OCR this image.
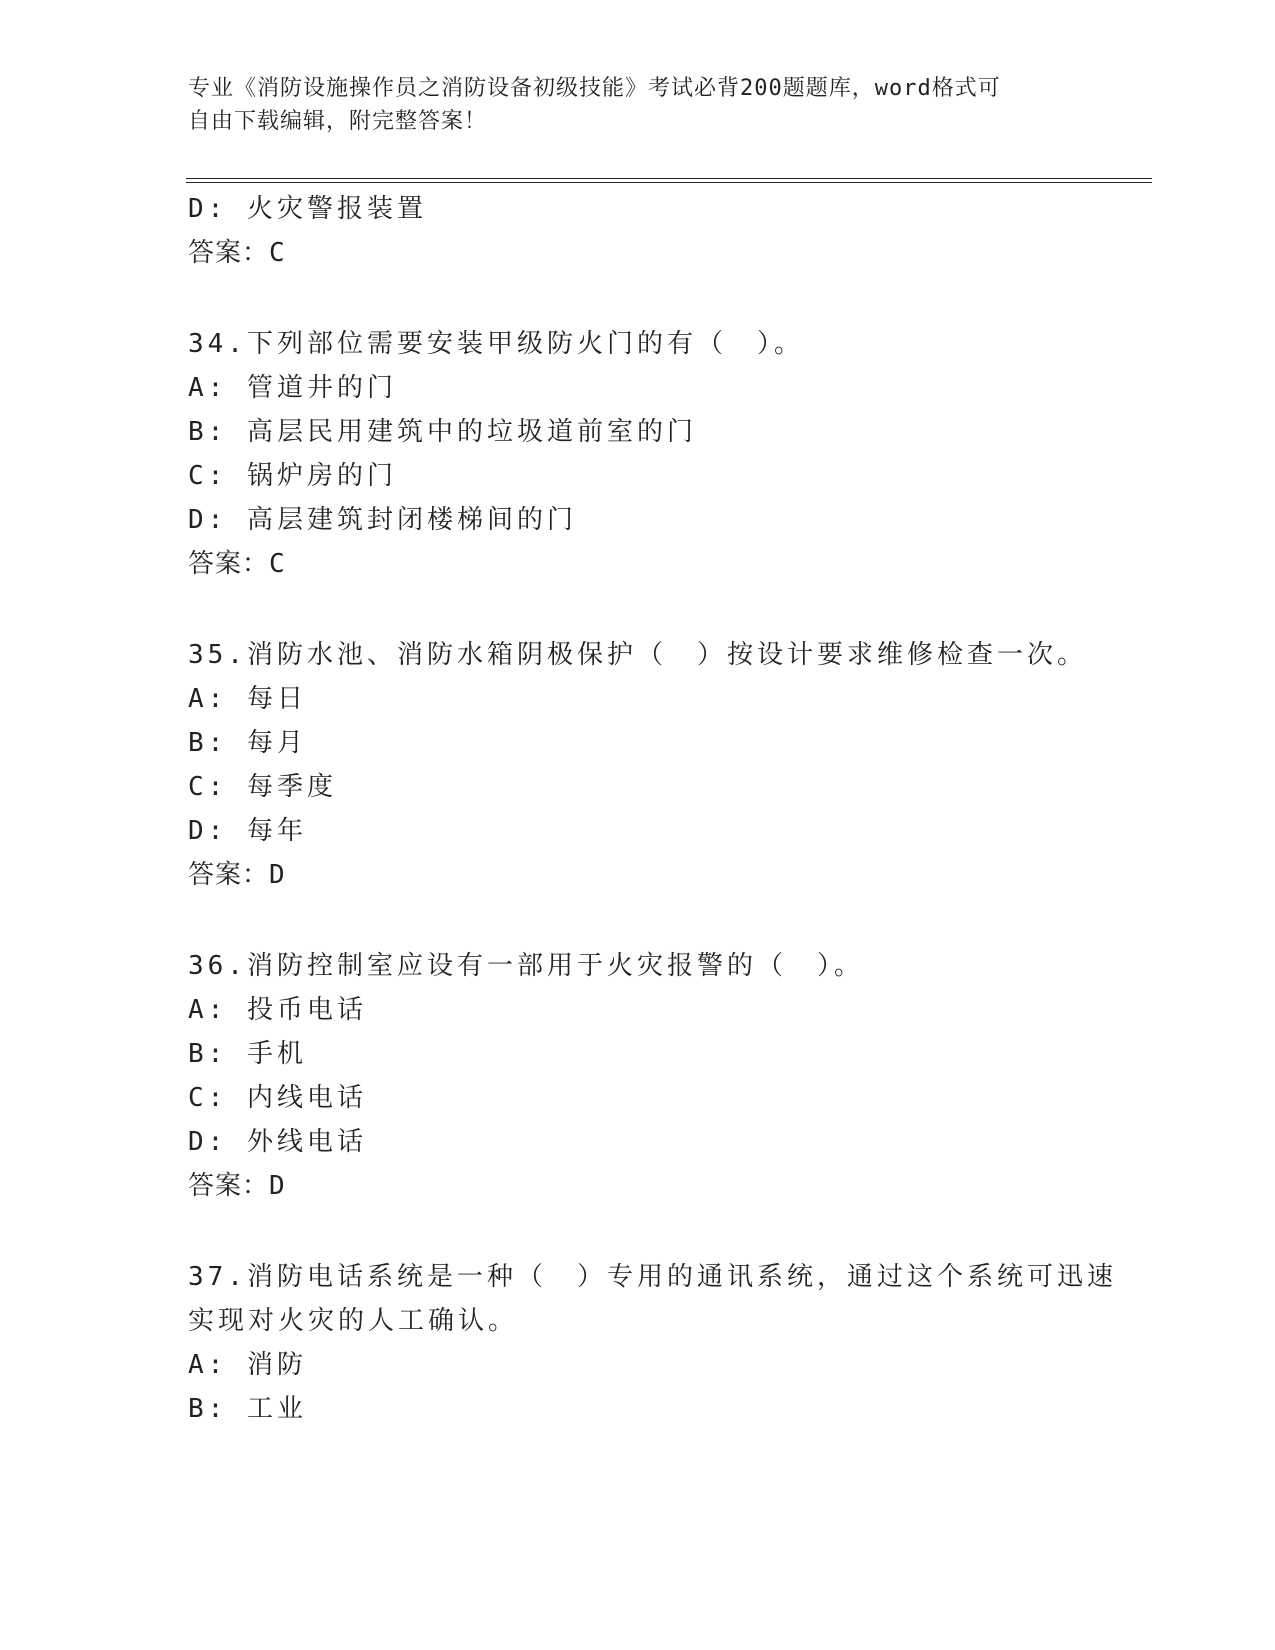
专业《消防设施操作员之消防设备初级技能》考试必背200题题库，word格式可
自由下载编辑，附完整答案！
D: 火灾警报装置
答案：C
34.下列部位需要安装甲级防火门的有（　）。
A: 管道井的门
B: 高层民用建筑中的垃圾道前室的门
C: 锅炉房的门
D: 高层建筑封闭楼梯间的门
答案：C
35.消防水池、消防水箱阴极保护（　）按设计要求维修检查一次。
A: 每日
B: 每月
C: 每季度
D: 每年
答案：D
36.消防控制室应设有一部用于火灾报警的（　）。
A: 投币电话
B: 手机
C: 内线电话
D: 外线电话
答案：D
37.消防电话系统是一种（　）专用的通讯系统，通过这个系统可迅速
实现对火灾的人工确认。
A: 消防
B: 工业
